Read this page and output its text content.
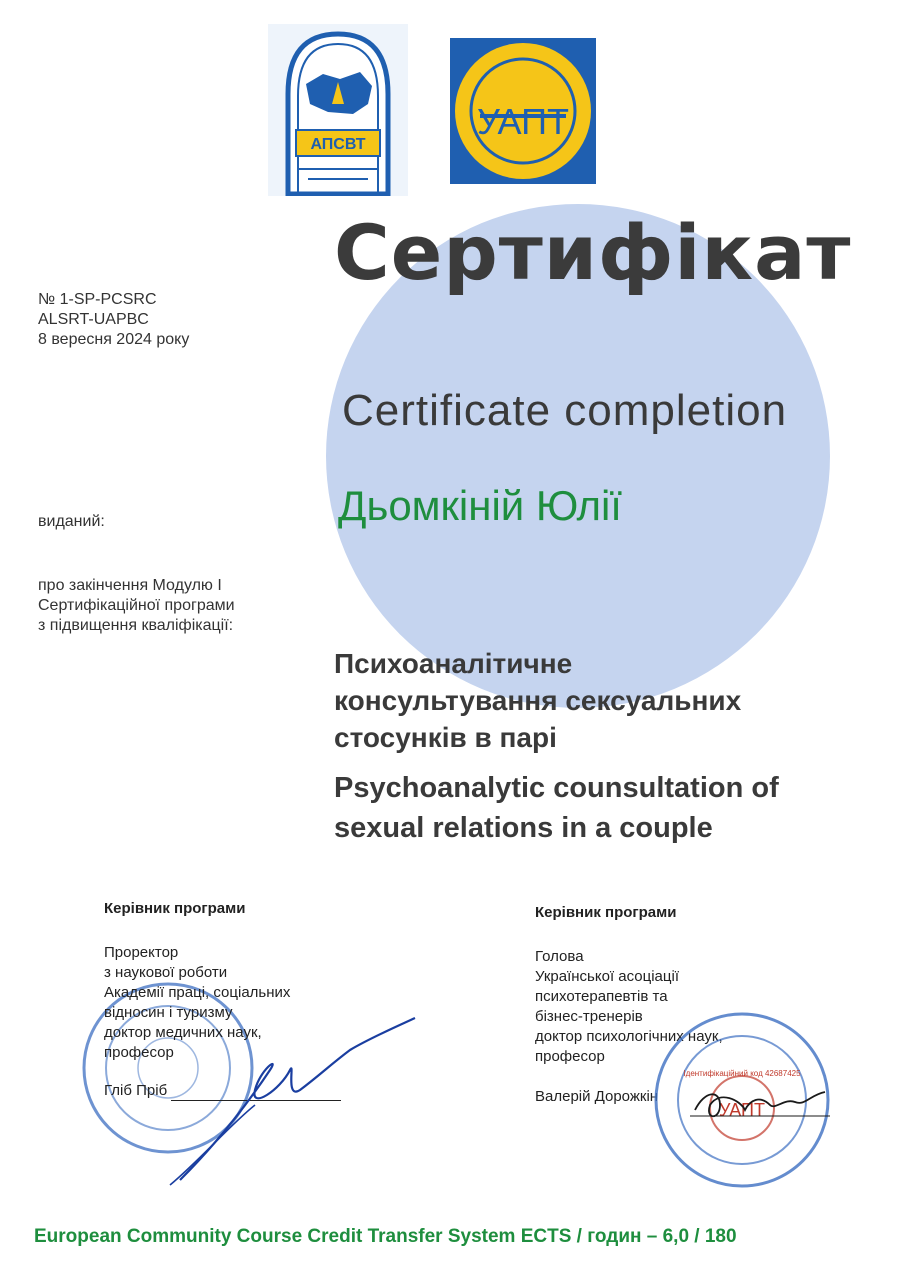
АПСВТ
УАПТ
Сертифікат
Certificate completion
Дьомкіній Юлії
№ 1-SP-PCSRC
ALSRT-UAPBC
8 вересня 2024 року
виданий:
про закінчення Модулю І
Сертифікаційної програми
з підвищення кваліфікації:
Психоаналітичне
консультування сексуальних
стосунків в парі
Psychoanalytic counsultation of
sexual relations in a couple
Керівник програми
Проректор
з наукової роботи
Академії праці, соціальних
відносин і туризму
доктор медичних наук,
професор
Гліб Пріб
Керівник програми
Голова
Української асоціації
психотерапевтів та
бізнес-тренерів
доктор психологічних наук,
професор
Валерій Дорожкін
Ідентифікаційний код 42687425
УАПТ
European Community Course Credit Transfer System ECTS / годин – 6,0 / 180
